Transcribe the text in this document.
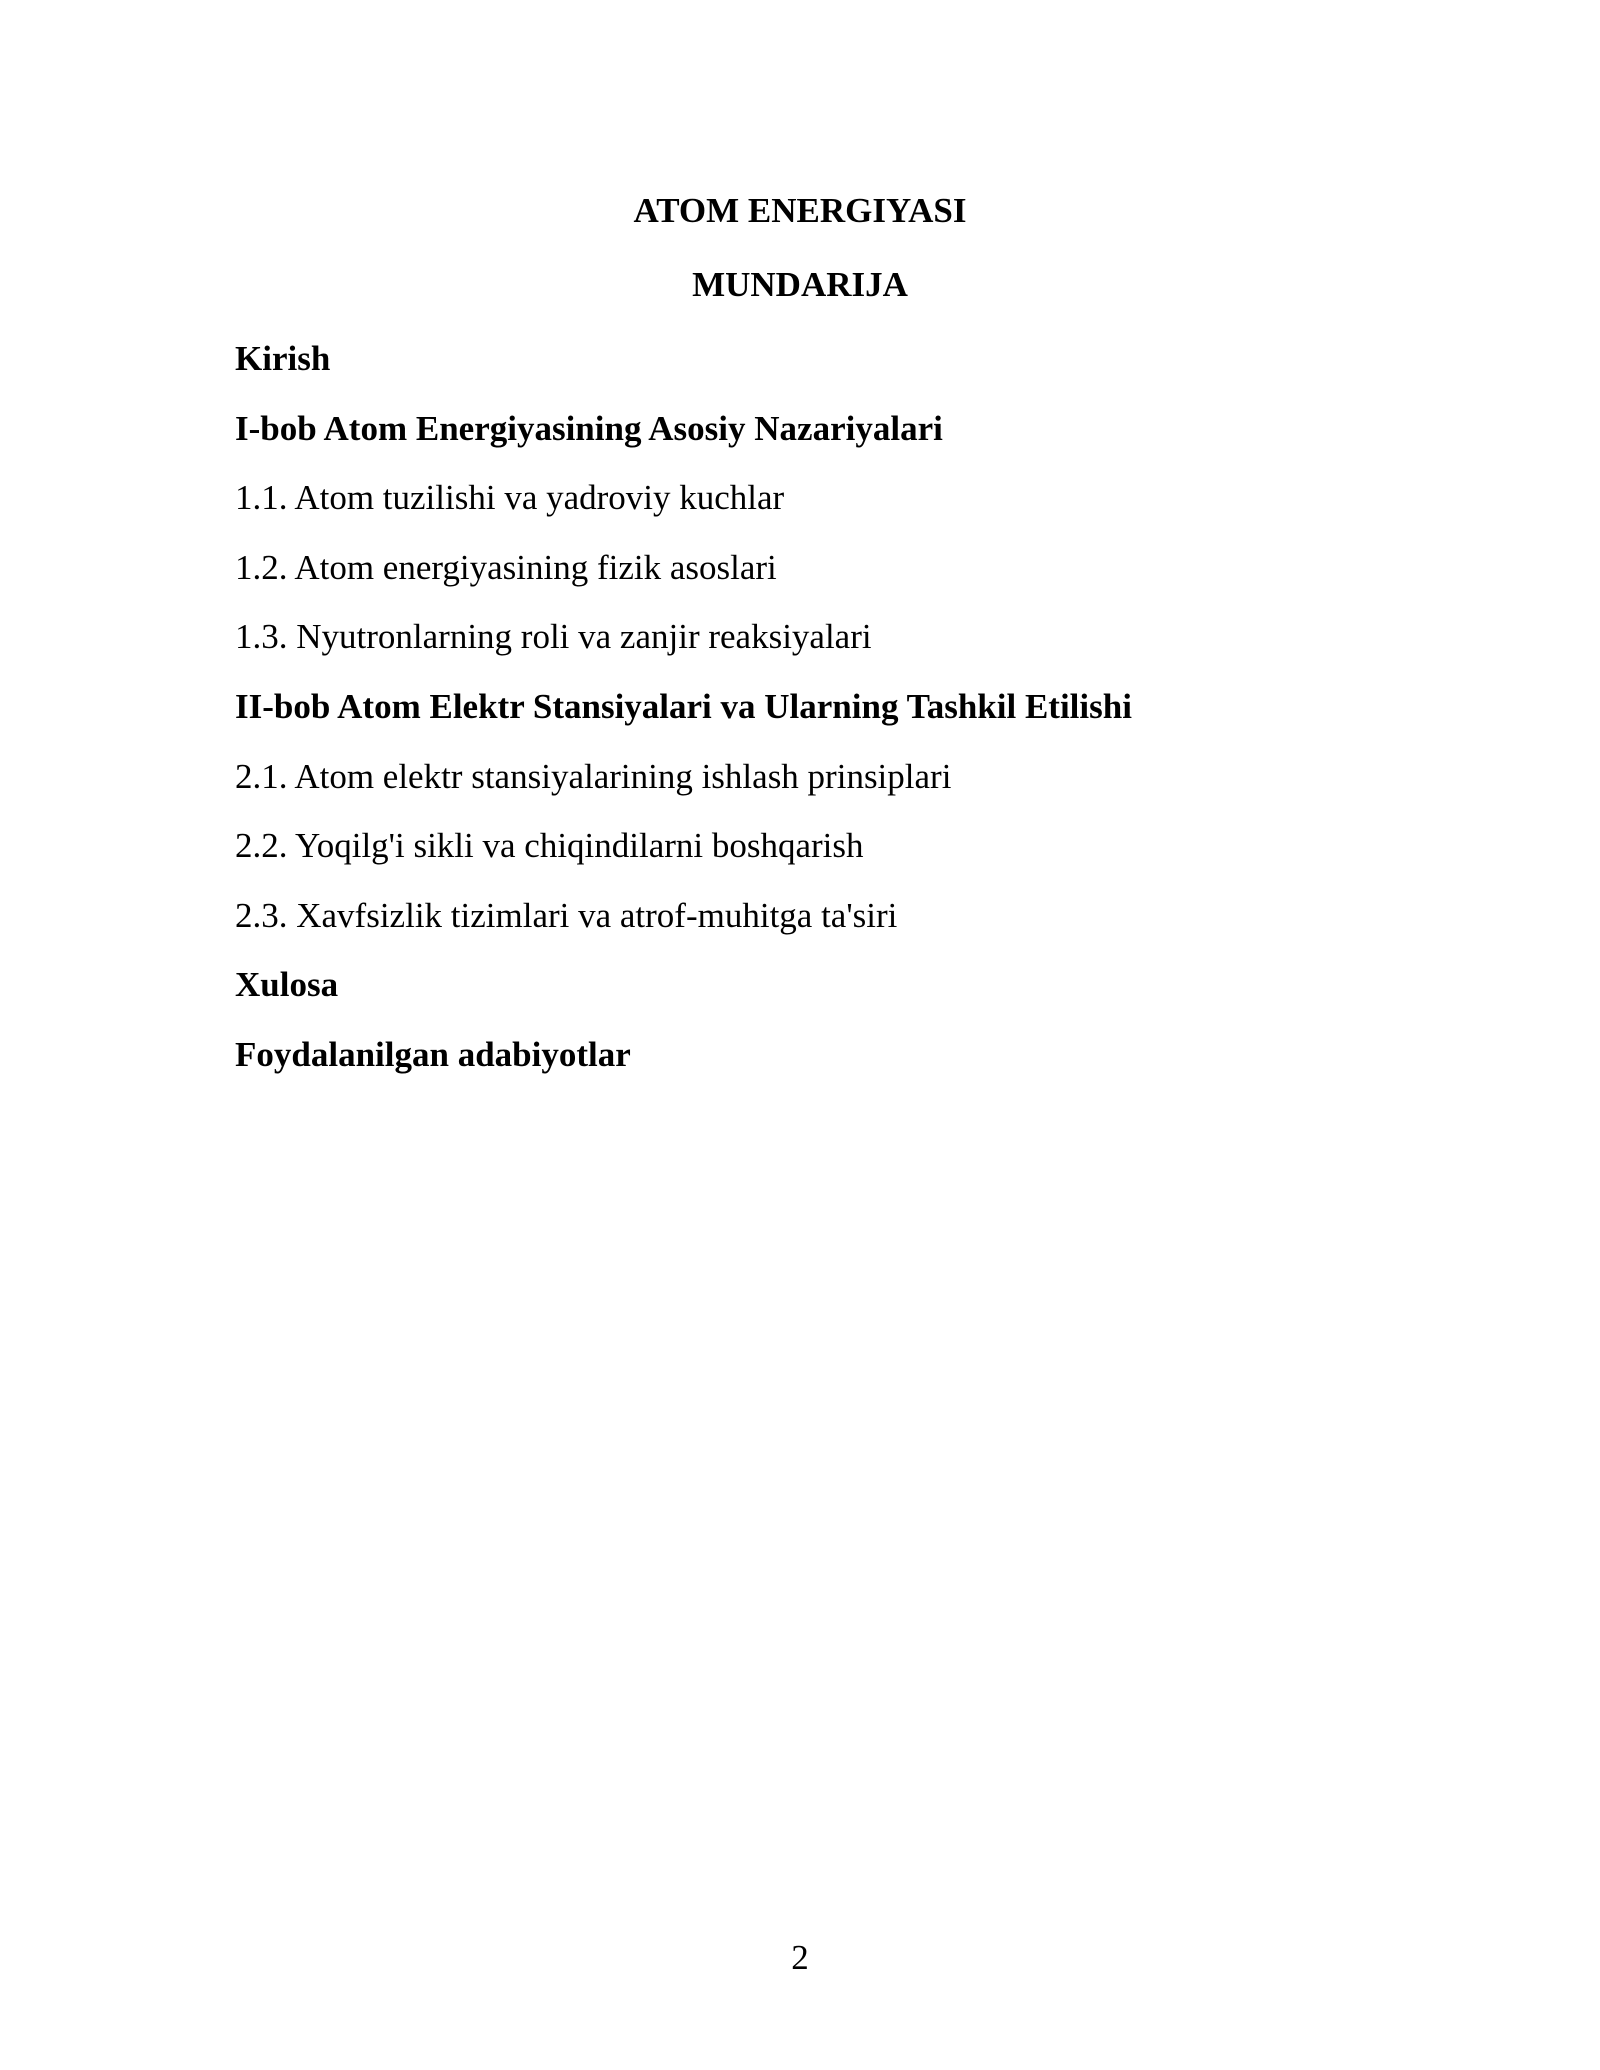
ATOM ENERGIYASI
MUNDARIJA
Kirish
I-bob Atom Energiyasining Asosiy Nazariyalari
1.1. Atom tuzilishi va yadroviy kuchlar
1.2. Atom energiyasining fizik asoslari
1.3. Nyutronlarning roli va zanjir reaksiyalari
II-bob Atom Elektr Stansiyalari va Ularning Tashkil Etilishi
2.1. Atom elektr stansiyalarining ishlash prinsiplari
2.2. Yoqilg'i sikli va chiqindilarni boshqarish
2.3. Xavfsizlik tizimlari va atrof-muhitga ta'siri
Xulosa
Foydalanilgan adabiyotlar
2
